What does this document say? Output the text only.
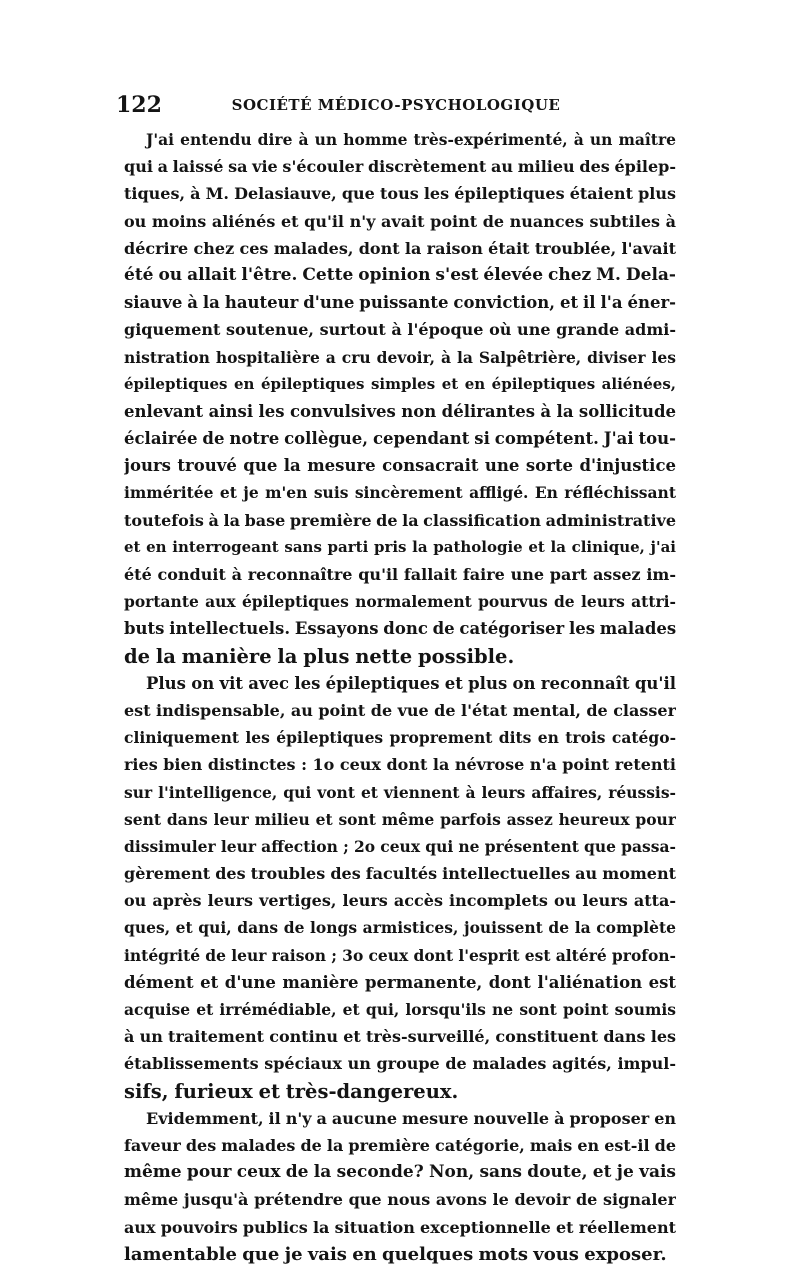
122	SOCIÉTÉ MÉDICO-PSYCHOLOGIQUE
J'ai entendu dire à un homme très-expérimenté, à un maître
qui a laissé sa vie s'écouler discrètement au milieu des épilep-
tiques, à M. Delasiauve, que tous les épileptiques étaient plus
ou moins aliénés et qu'il n'y avait point de nuances subtiles à
décrire chez ces malades, dont la raison était troublée, l'avait
été ou allait l'être. Cette opinion s'est élevée chez M. Dela-
siauve à la hauteur d'une puissante conviction, et il l'a éner-
giquement soutenue, surtout à l'époque où une grande admi-
nistration hospitalière a cru devoir, à la Salpêtrière, diviser les
épileptiques en épileptiques simples et en épileptiques aliénées,
enlevant ainsi les convulsives non délirantes à la sollicitude
éclairée de notre collègue, cependant si compétent. J'ai tou-
jours trouvé que la mesure consacrait une sorte d'injustice
imméritée et je m'en suis sincèrement affligé. En réfléchissant
toutefois à la base première de la classification administrative
et en interrogeant sans parti pris la pathologie et la clinique, j'ai
été conduit à reconnaître qu'il fallait faire une part assez im-
portante aux épileptiques normalement pourvus de leurs attri-
buts intellectuels. Essayons donc de catégoriser les malades
de la manière la plus nette possible.
Plus on vit avec les épileptiques et plus on reconnaît qu'il
est indispensable, au point de vue de l'état mental, de classer
cliniquement les épileptiques proprement dits en trois catégo-
ries bien distinctes : 1o ceux dont la névrose n'a point retenti
sur l'intelligence, qui vont et viennent à leurs affaires, réussis-
sent dans leur milieu et sont même parfois assez heureux pour
dissimuler leur affection ; 2o ceux qui ne présentent que passa-
gèrement des troubles des facultés intellectuelles au moment
ou après leurs vertiges, leurs accès incomplets ou leurs atta-
ques, et qui, dans de longs armistices, jouissent de la complète
intégrité de leur raison ; 3o ceux dont l'esprit est altéré profon-
dément et d'une manière permanente, dont l'aliénation est
acquise et irrémédiable, et qui, lorsqu'ils ne sont point soumis
à un traitement continu et très-surveillé, constituent dans les
établissements spéciaux un groupe de malades agités, impul-
sifs, furieux et très-dangereux.
Evidemment, il n'y a aucune mesure nouvelle à proposer en
faveur des malades de la première catégorie, mais en est-il de
même pour ceux de la seconde? Non, sans doute, et je vais
même jusqu'à prétendre que nous avons le devoir de signaler
aux pouvoirs publics la situation exceptionnelle et réellement
lamentable que je vais en quelques mots vous exposer.
